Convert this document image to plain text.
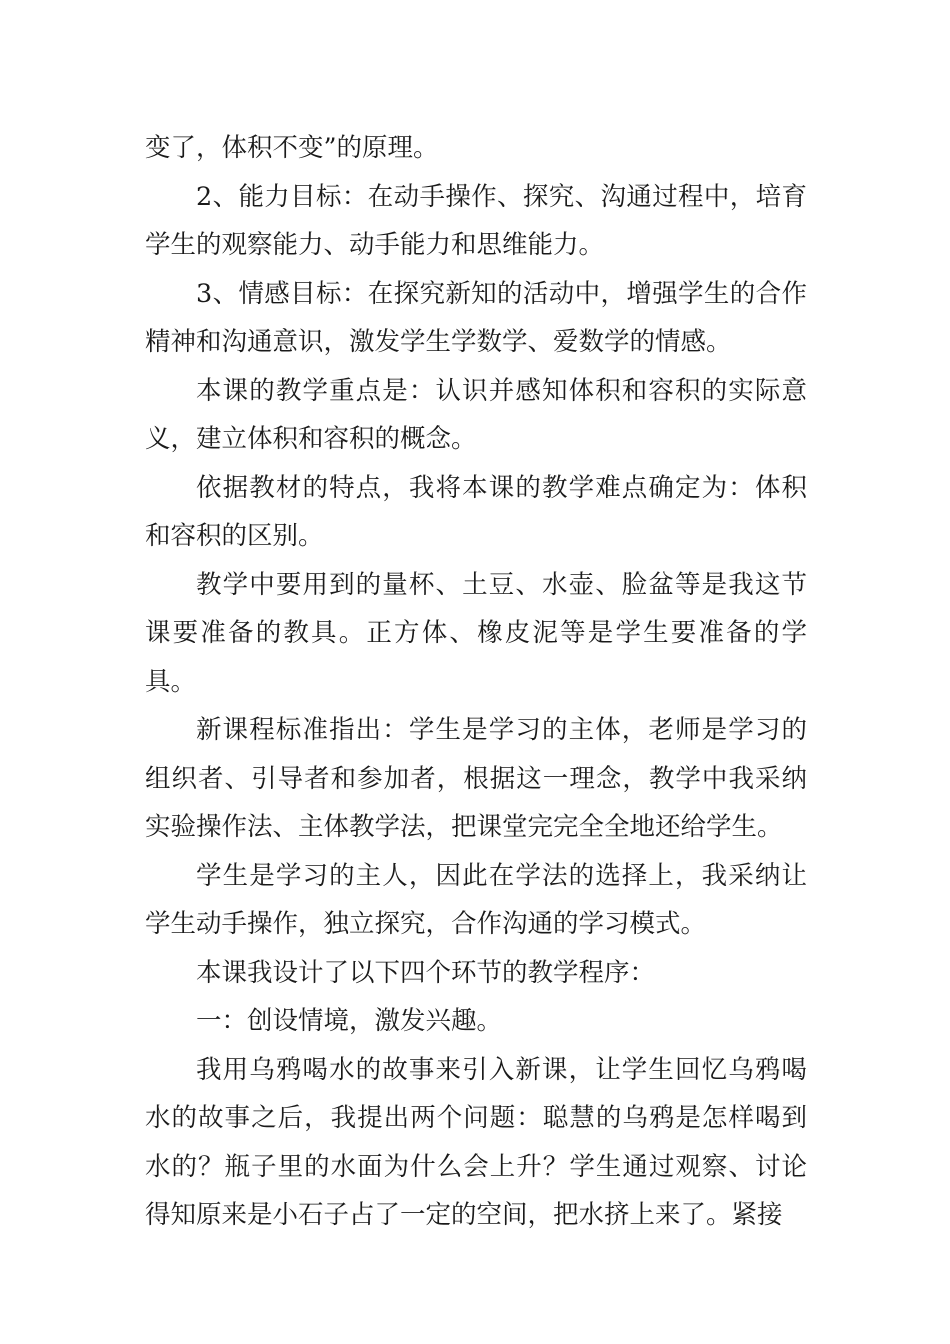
变了，体积不变”的原理。

2、能力目标：在动手操作、探究、沟通过程中，培育学生的观察能力、动手能力和思维能力。

3、情感目标：在探究新知的活动中，增强学生的合作精神和沟通意识，激发学生学数学、爱数学的情感。

本课的教学重点是：认识并感知体积和容积的实际意义，建立体积和容积的概念。

依据教材的特点，我将本课的教学难点确定为：体积和容积的区别。

教学中要用到的量杯、土豆、水壶、脸盆等是我这节课要准备的教具。正方体、橡皮泥等是学生要准备的学具。

新课程标准指出：学生是学习的主体，老师是学习的组织者、引导者和参加者，根据这一理念，教学中我采纳实验操作法、主体教学法，把课堂完完全全地还给学生。

学生是学习的主人，因此在学法的选择上，我采纳让学生动手操作，独立探究，合作沟通的学习模式。

本课我设计了以下四个环节的教学程序：

一：创设情境，激发兴趣。

我用乌鸦喝水的故事来引入新课，让学生回忆乌鸦喝水的故事之后，我提出两个问题：聪慧的乌鸦是怎样喝到水的？瓶子里的水面为什么会上升？学生通过观察、讨论得知原来是小石子占了一定的空间，把水挤上来了。紧接
